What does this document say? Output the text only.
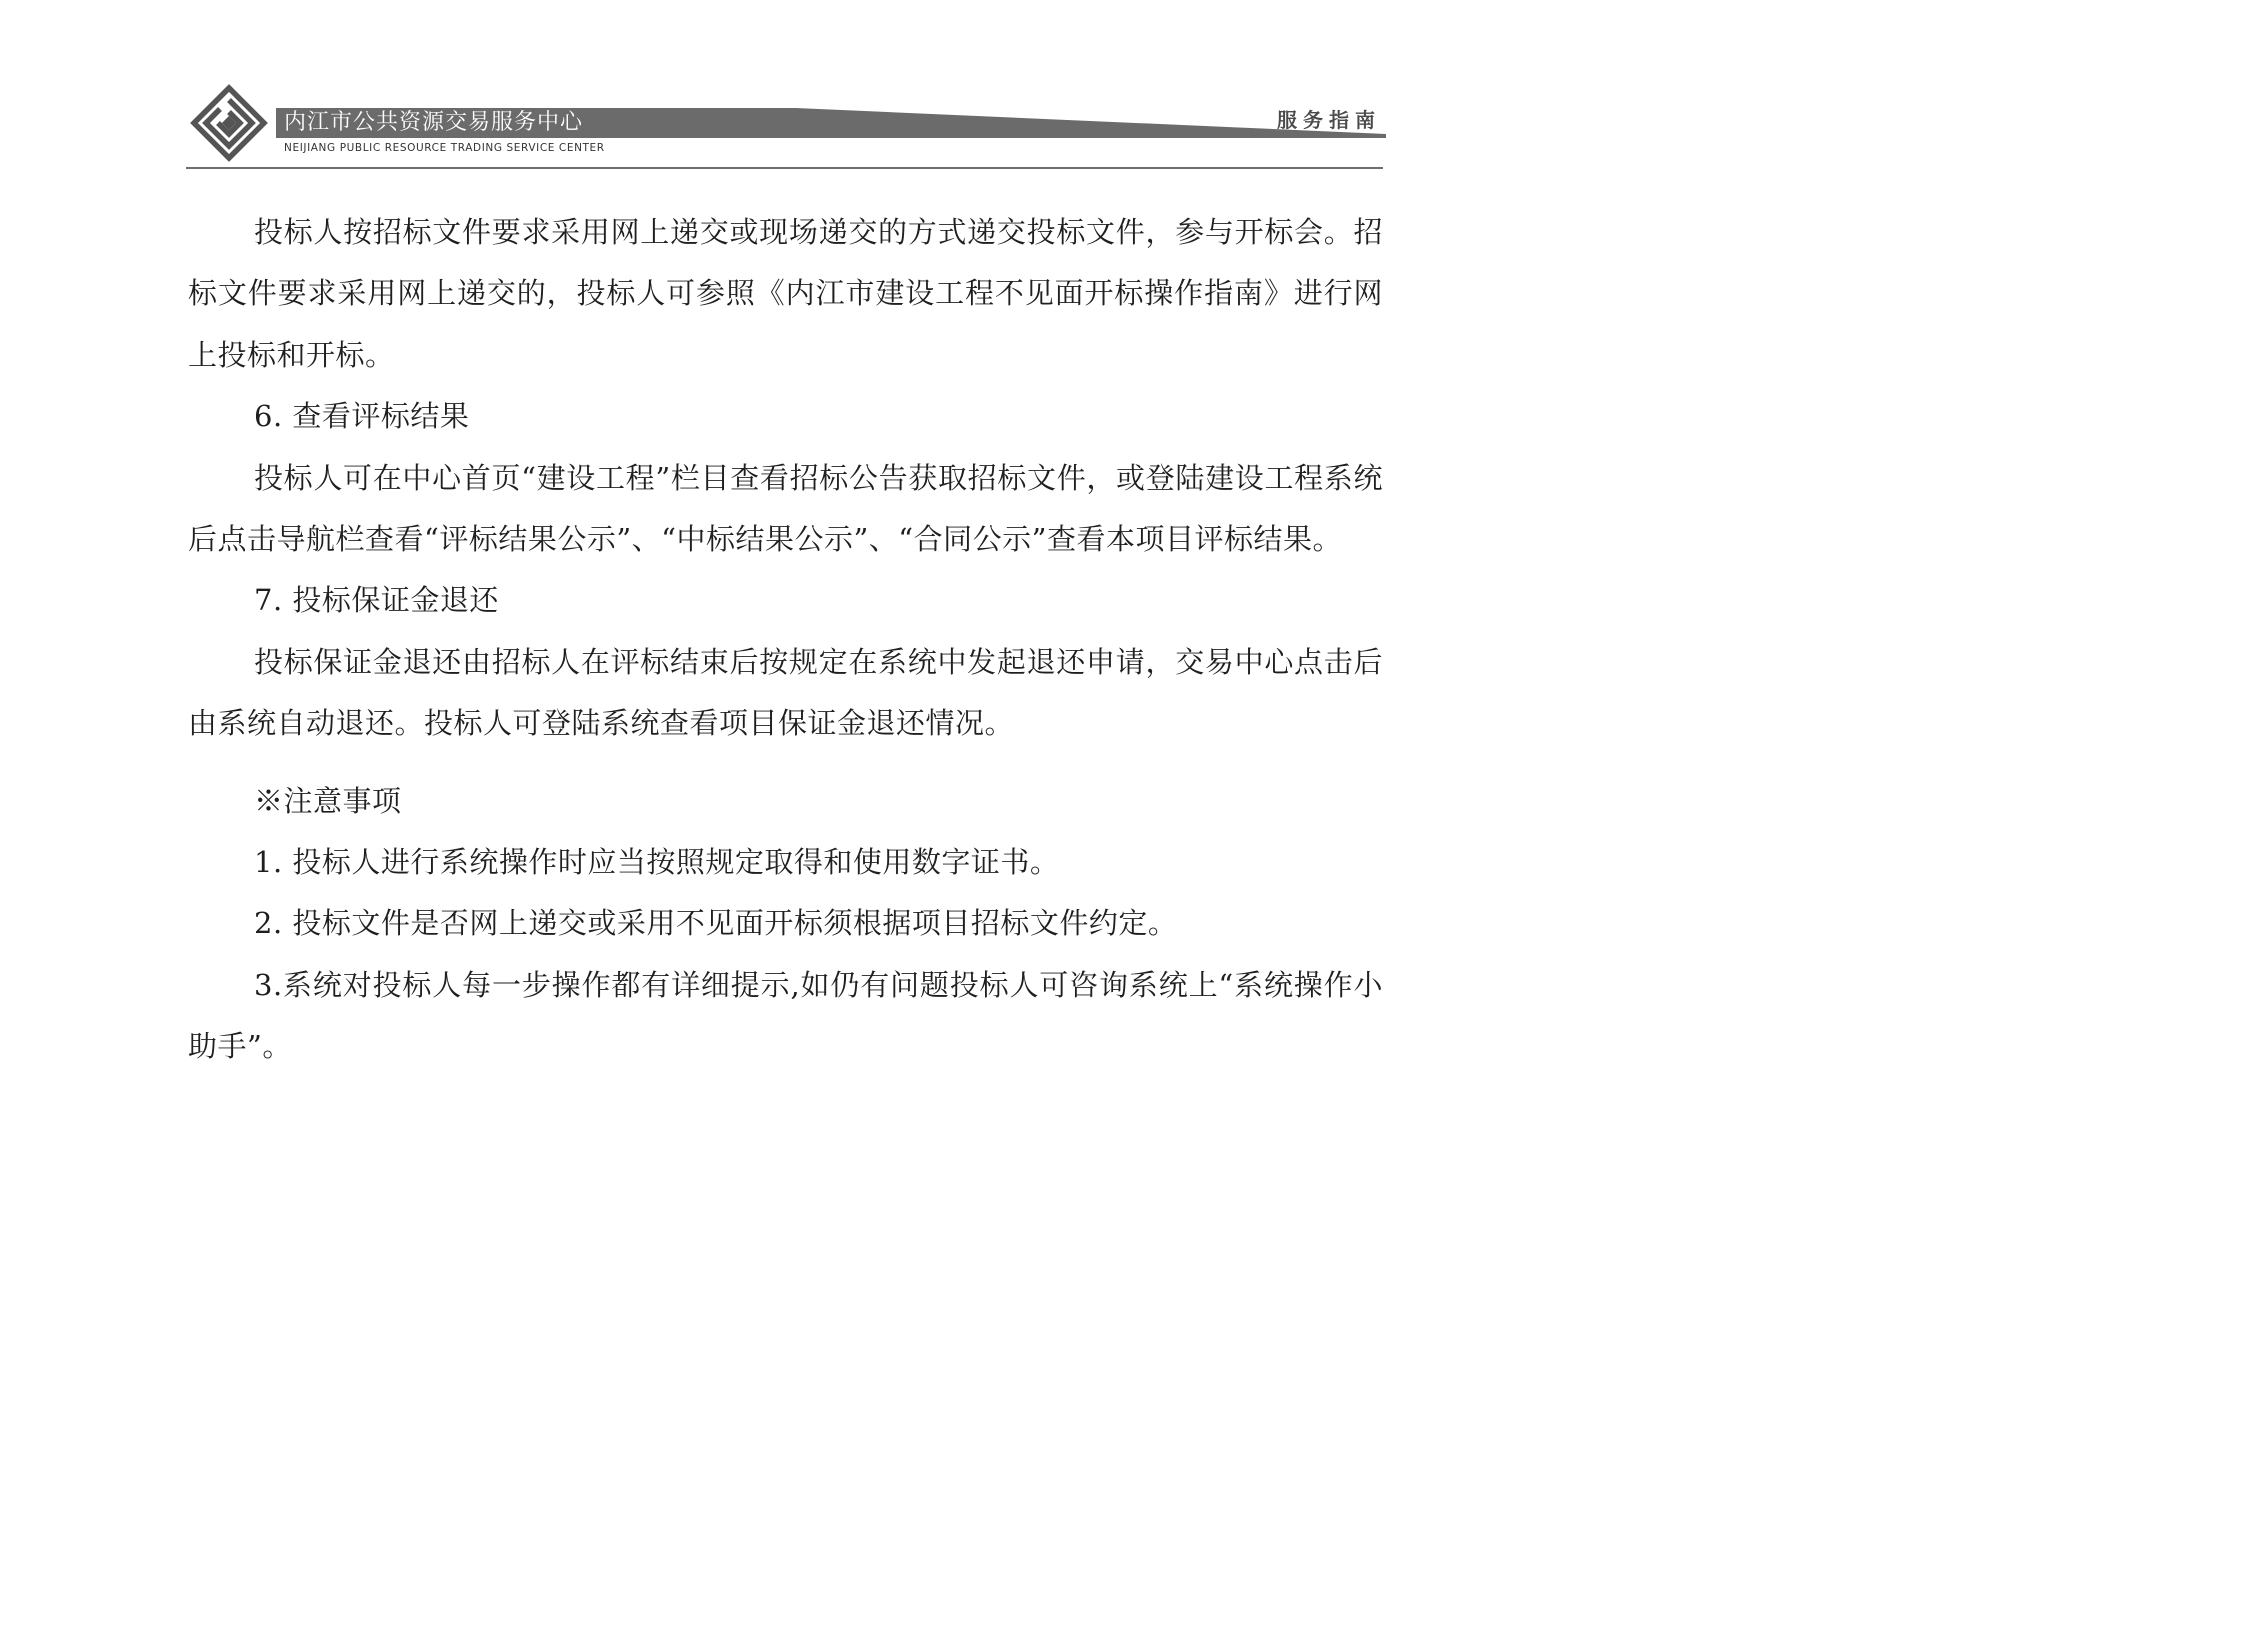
内江市公共资源交易服务中心
NEIJIANG PUBLIC RESOURCE TRADING SERVICE CENTER
服务指南

投标人按招标文件要求采用网上递交或现场递交的方式递交投标文件，参与开标会。招标文件要求采用网上递交的，投标人可参照《内江市建设工程不见面开标操作指南》进行网上投标和开标。

6. 查看评标结果

投标人可在中心首页“建设工程”栏目查看招标公告获取招标文件，或登陆建设工程系统后点击导航栏查看“评标结果公示”、“中标结果公示”、“合同公示”查看本项目评标结果。

7. 投标保证金退还

投标保证金退还由招标人在评标结束后按规定在系统中发起退还申请，交易中心点击后由系统自动退还。投标人可登陆系统查看项目保证金退还情况。

※注意事项

1. 投标人进行系统操作时应当按照规定取得和使用数字证书。

2. 投标文件是否网上递交或采用不见面开标须根据项目招标文件约定。

3.系统对投标人每一步操作都有详细提示,如仍有问题投标人可咨询系统上“系统操作小助手”。
